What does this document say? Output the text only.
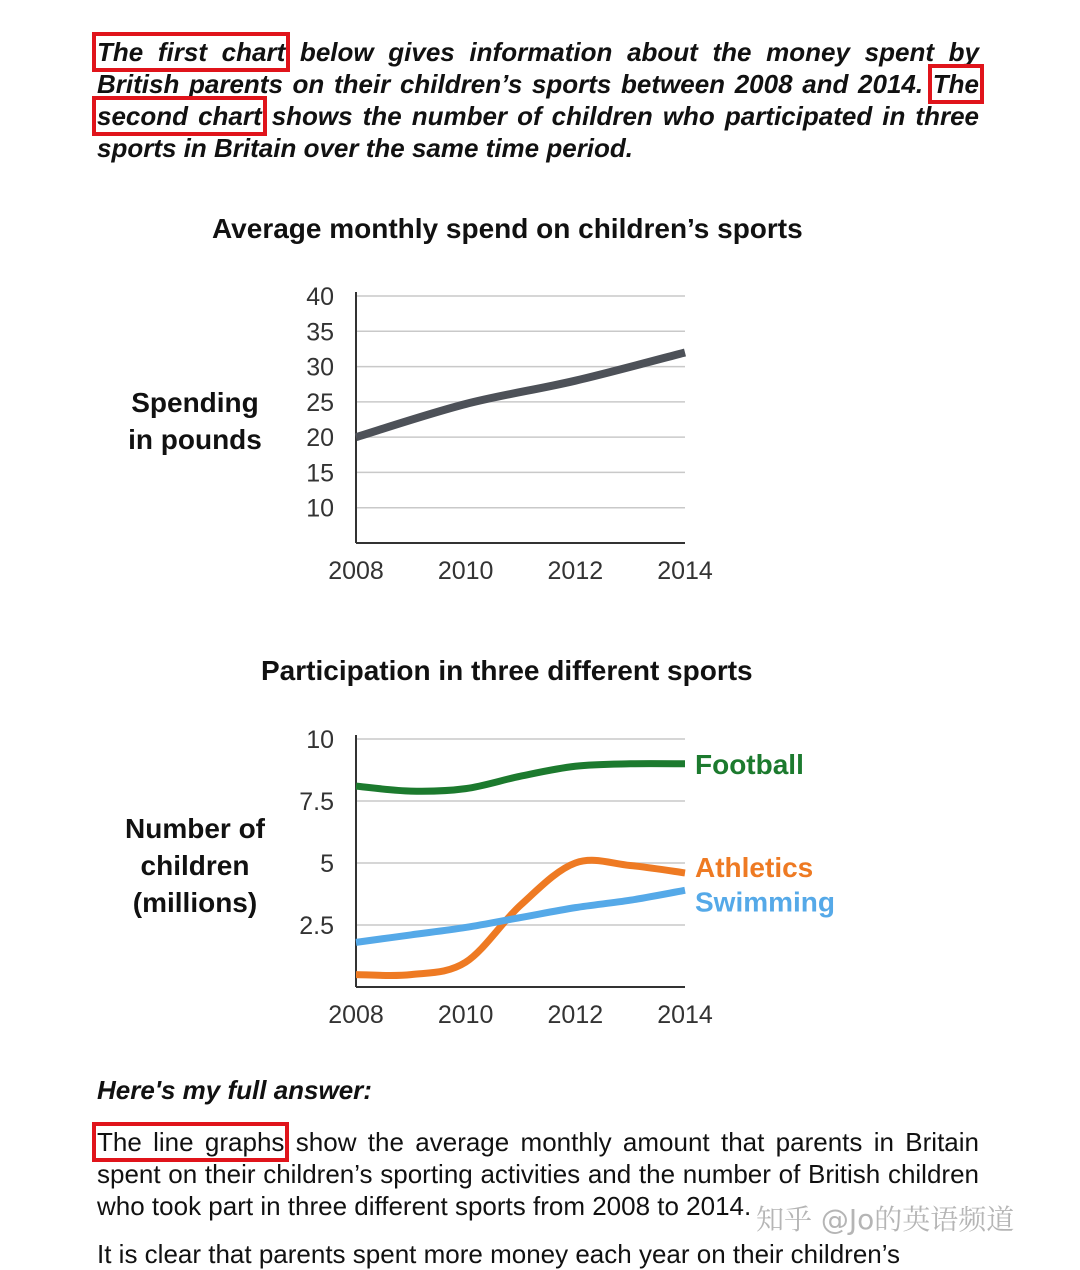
The first chart below gives information about the money spent by British parents on their children’s sports between 2008 and 2014. The second chart shows the number of children who participated in three sports in Britain over the same time period.
Average monthly spend on children’s sports
Spending
in pounds
10
15
20
25
30
35
40
2008 2010 2012 2014
Participation in three different sports
Number of
children
(millions)
2.5
5
7.5
10
2008 2010 2012 2014
Football
Athletics
Swimming
Here's my full answer:
The line graphs show the average monthly amount that parents in Britain spent on their children’s sporting activities and the number of British children who took part in three different sports from 2008 to 2014.
It is clear that parents spent more money each year on their children’s
知乎 @Jo的英语频道
